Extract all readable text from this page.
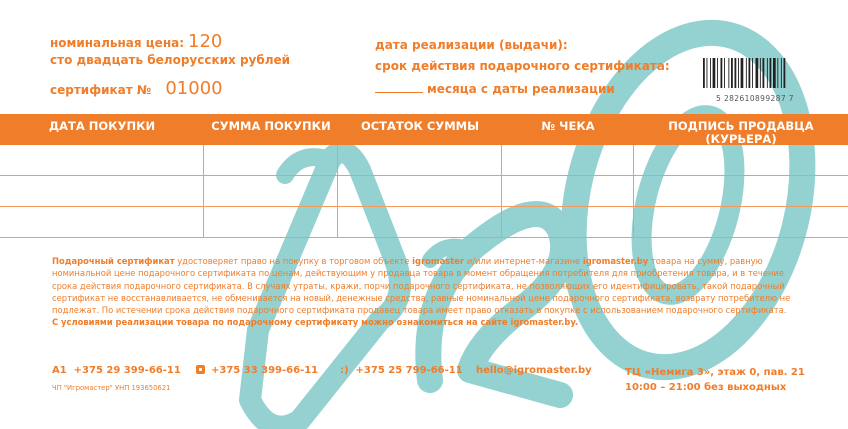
номинальная цена: 120
сто двадцать белорусских рублей
сертификат № 01000
дата реализации (выдачи):
срок действия подарочного сертификата:
месяца с даты реализации
5 282610899287 7
ДАТА ПОКУПКИ	СУММА ПОКУПКИ	ОСТАТОК СУММЫ	№ ЧЕКА	ПОДПИСЬ ПРОДАВЦА (КУРЬЕРА)

Подарочный сертификат удостоверяет право на покупку в торговом объекте igromaster и/или интернет-магазине igromaster.by товара на сумму, равную номинальной цене подарочного сертификата по ценам, действующим у продавца товара в момент обращения потребителя для приобретения товара, и в течение срока действия подарочного сертификата. В случаях утраты, кражи, порчи подарочного сертификата, не позволяющих его идентифицировать, такой подарочный сертификат не восстанавливается, не обменивается на новый, денежные средства, равные номинальной цене подарочного сертификата, возврату потребителю не подлежат. По истечении срока действия подарочного сертификата продавец товара имеет право отказать в покупке с использованием подарочного сертификата.

С условиями реализации товара по подарочному сертификату можно ознакомиться на сайте igromaster.by.

A1 +375 29 399-66-11	+375 33 399-66-11 :) +375 25 799-66-11 hello@igromaster.by
ЧП "Игромастер" УНП 193650621
ТЦ «Немига 3», этаж 0, пав. 21
10:00 – 21:00 без выходных
